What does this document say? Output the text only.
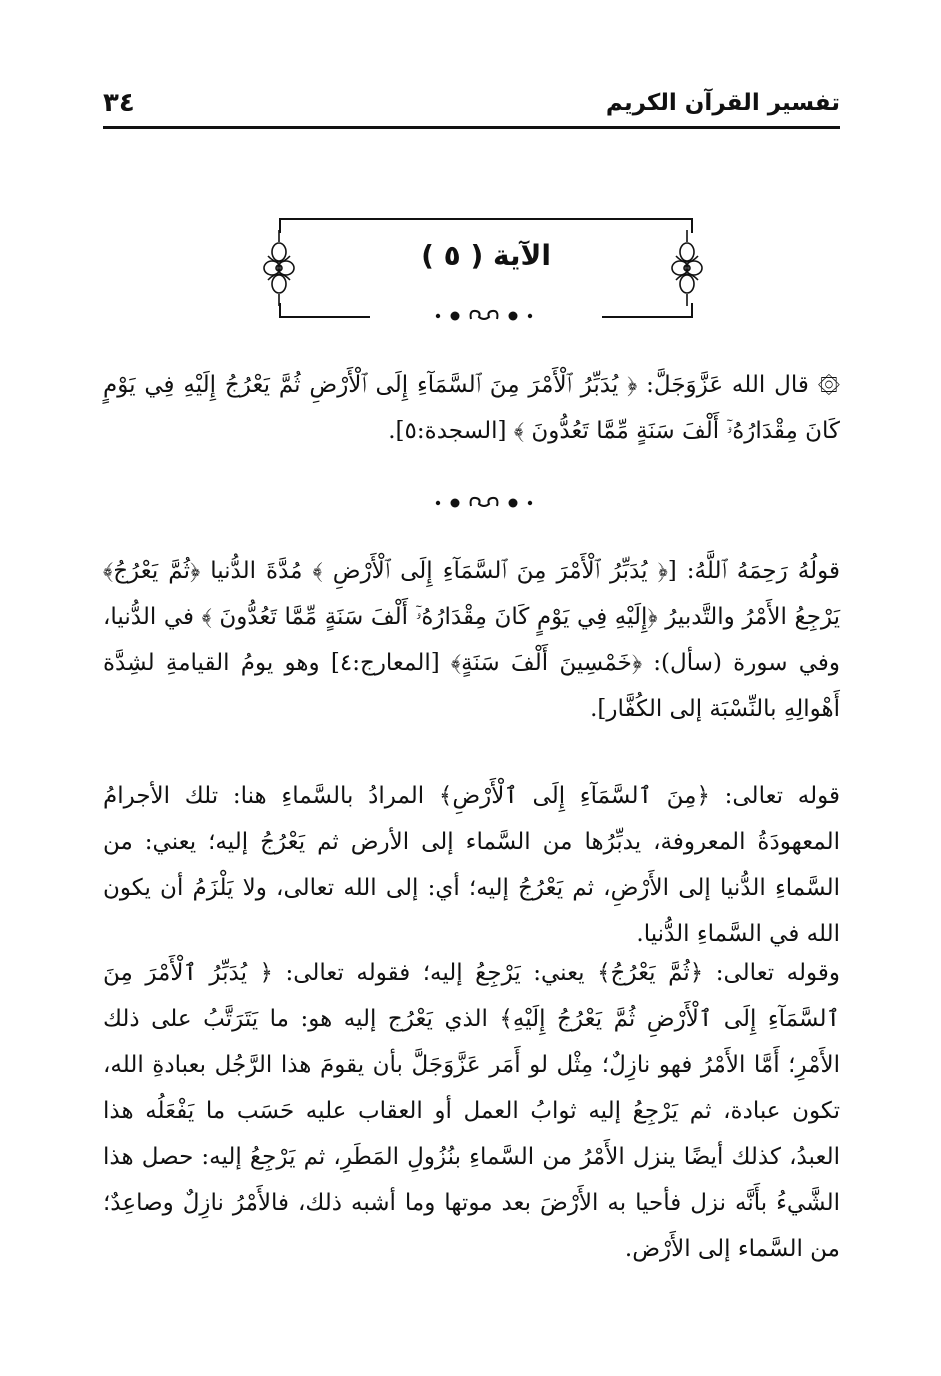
٣٤	تفسير القرآن الكريم
الآية ( ٥ )
۞ قال الله عَزَّوَجَلَّ: ﴿ يُدَبِّرُ ٱلْأَمْرَ مِنَ ٱلسَّمَآءِ إِلَى ٱلْأَرْضِ ثُمَّ يَعْرُجُ إِلَيْهِ فِي يَوْمٍ كَانَ مِقْدَارُهُۥٓ أَلْفَ سَنَةٍ مِّمَّا تَعُدُّونَ ﴾ [السجدة:٥].
قولُهُ رَحِمَهُ ٱللَّهُ: [﴿ يُدَبِّرُ ٱلْأَمْرَ مِنَ ٱلسَّمَآءِ إِلَى ٱلْأَرْضِ ﴾ مُدَّةَ الدُّنيا ﴿ثُمَّ يَعْرُجُ﴾ يَرْجِعُ الأَمْرُ والتَّدبيرُ ﴿إِلَيْهِ فِي يَوْمٍ كَانَ مِقْدَارُهُۥٓ أَلْفَ سَنَةٍ مِّمَّا تَعُدُّونَ ﴾ في الدُّنيا، وفي سورة (سأل): ﴿خَمْسِينَ أَلْفَ سَنَةٍ﴾ [المعارج:٤] وهو يومُ القيامةِ لشِدَّة أَهْوالِهِ بالنِّسْبَة إلى الكُفَّار].
قوله تعالى: ﴿مِنَ ٱلسَّمَآءِ إِلَى ٱلْأَرْضِ﴾ المرادُ بالسَّماءِ هنا: تلك الأجرامُ المعهودَةُ المعروفة، يدبِّرُها من السَّماء إلى الأرض ثم يَعْرُجُ إليه؛ يعني: من السَّماءِ الدُّنيا إلى الأَرْضِ، ثم يَعْرُجُ إليه؛ أي: إلى الله تعالى، ولا يَلْزَمُ أن يكون الله في السَّماءِ الدُّنيا.
وقوله تعالى: ﴿ثُمَّ يَعْرُجُ﴾ يعني: يَرْجِعُ إليه؛ فقوله تعالى: ﴿ يُدَبِّرُ ٱلْأَمْرَ مِنَ ٱلسَّمَآءِ إِلَى ٱلْأَرْضِ ثُمَّ يَعْرُجُ إِلَيْهِ﴾ الذي يَعْرُج إليه هو: ما يَتَرَتَّبُ على ذلك الأَمْرِ؛ أَمَّا الأَمْرُ فهو نازِلٌ؛ مِثْل لو أَمَر عَزَّوَجَلَّ بأن يقومَ هذا الرَّجُل بعبادةِ الله، تكون عبادة، ثم يَرْجِعُ إليه ثوابُ العمل أو العقاب عليه حَسَب ما يَفْعَلُه هذا العبدُ، كذلك أيضًا ينزل الأَمْرُ من السَّماءِ بنُزُولِ المَطَرِ، ثم يَرْجِعُ إليه: حصل هذا الشَّيءُ بأَنَّه نزل فأحيا به الأَرْضَ بعد موتها وما أشبه ذلك، فالأَمْرُ نازِلٌ وصاعِدٌ؛ من السَّماء إلى الأَرْض.
